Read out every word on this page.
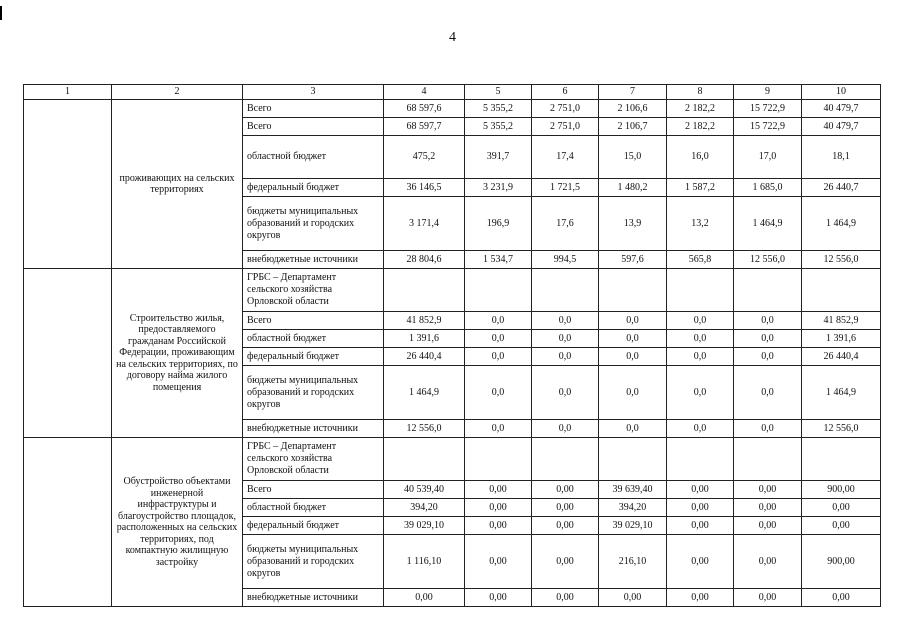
4
1	2	3	4	5	6	7	8	9	10
	проживающих на сельских территориях	Всего	68 597,6	5 355,2	2 751,0	2 106,6	2 182,2	15 722,9	40 479,7
		Всего	68 597,7	5 355,2	2 751,0	2 106,7	2 182,2	15 722,9	40 479,7
		областной бюджет	475,2	391,7	17,4	15,0	16,0	17,0	18,1
		федеральный бюджет	36 146,5	3 231,9	1 721,5	1 480,2	1 587,2	1 685,0	26 440,7
		бюджеты муниципальных образований и городских округов	3 171,4	196,9	17,6	13,9	13,2	1 464,9	1 464,9
		внебюджетные источники	28 804,6	1 534,7	994,5	597,6	565,8	12 556,0	12 556,0
	Строительство жилья, предоставляемого гражданам Российской Федерации, проживающим на сельских территориях, по договору найма жилого помещения	ГРБС – Департамент сельского хозяйства Орловской области							
		Всего	41 852,9	0,0	0,0	0,0	0,0	0,0	41 852,9
		областной бюджет	1 391,6	0,0	0,0	0,0	0,0	0,0	1 391,6
		федеральный бюджет	26 440,4	0,0	0,0	0,0	0,0	0,0	26 440,4
		бюджеты муниципальных образований и городских округов	1 464,9	0,0	0,0	0,0	0,0	0,0	1 464,9
		внебюджетные источники	12 556,0	0,0	0,0	0,0	0,0	0,0	12 556,0
	Обустройство объектами инженерной инфраструктуры и благоустройство площадок, расположенных на сельских территориях, под компактную жилищную застройку	ГРБС – Департамент сельского хозяйства Орловской области							
		Всего	40 539,40	0,00	0,00	39 639,40	0,00	0,00	900,00
		областной бюджет	394,20	0,00	0,00	394,20	0,00	0,00	0,00
		федеральный бюджет	39 029,10	0,00	0,00	39 029,10	0,00	0,00	0,00
		бюджеты муниципальных образований и городских округов	1 116,10	0,00	0,00	216,10	0,00	0,00	900,00
		внебюджетные источники	0,00	0,00	0,00	0,00	0,00	0,00	0,00
